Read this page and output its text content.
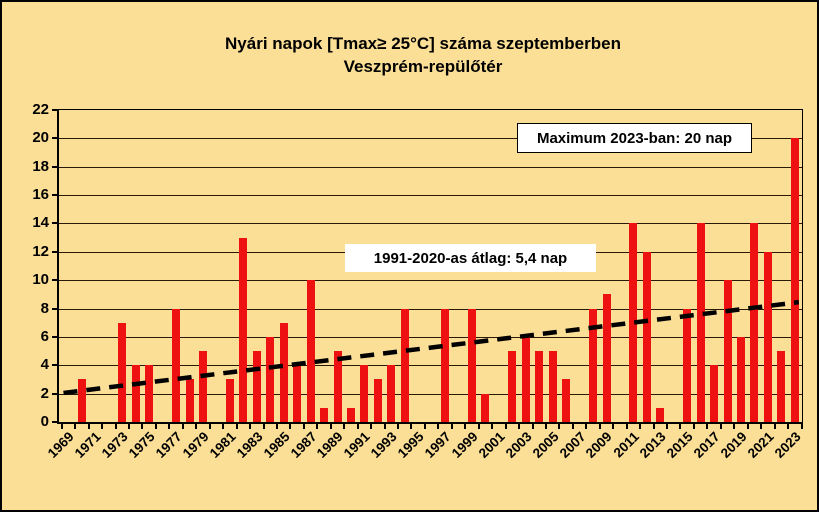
Nyári napok [Tmax≥ 25°C] száma szeptemberben
Veszprém-repülőtér
0
2
4
6
8
10
12
14
16
18
20
22
1969
1971
1973
1975
1977
1979
1981
1983
1985
1987
1989
1991
1993
1995
1997
1999
2001
2003
2005
2007
2009
2011
2013
2015
2017
2019
2021
2023
Maximum 2023-ban: 20 nap
1991-2020-as átlag: 5,4 nap
